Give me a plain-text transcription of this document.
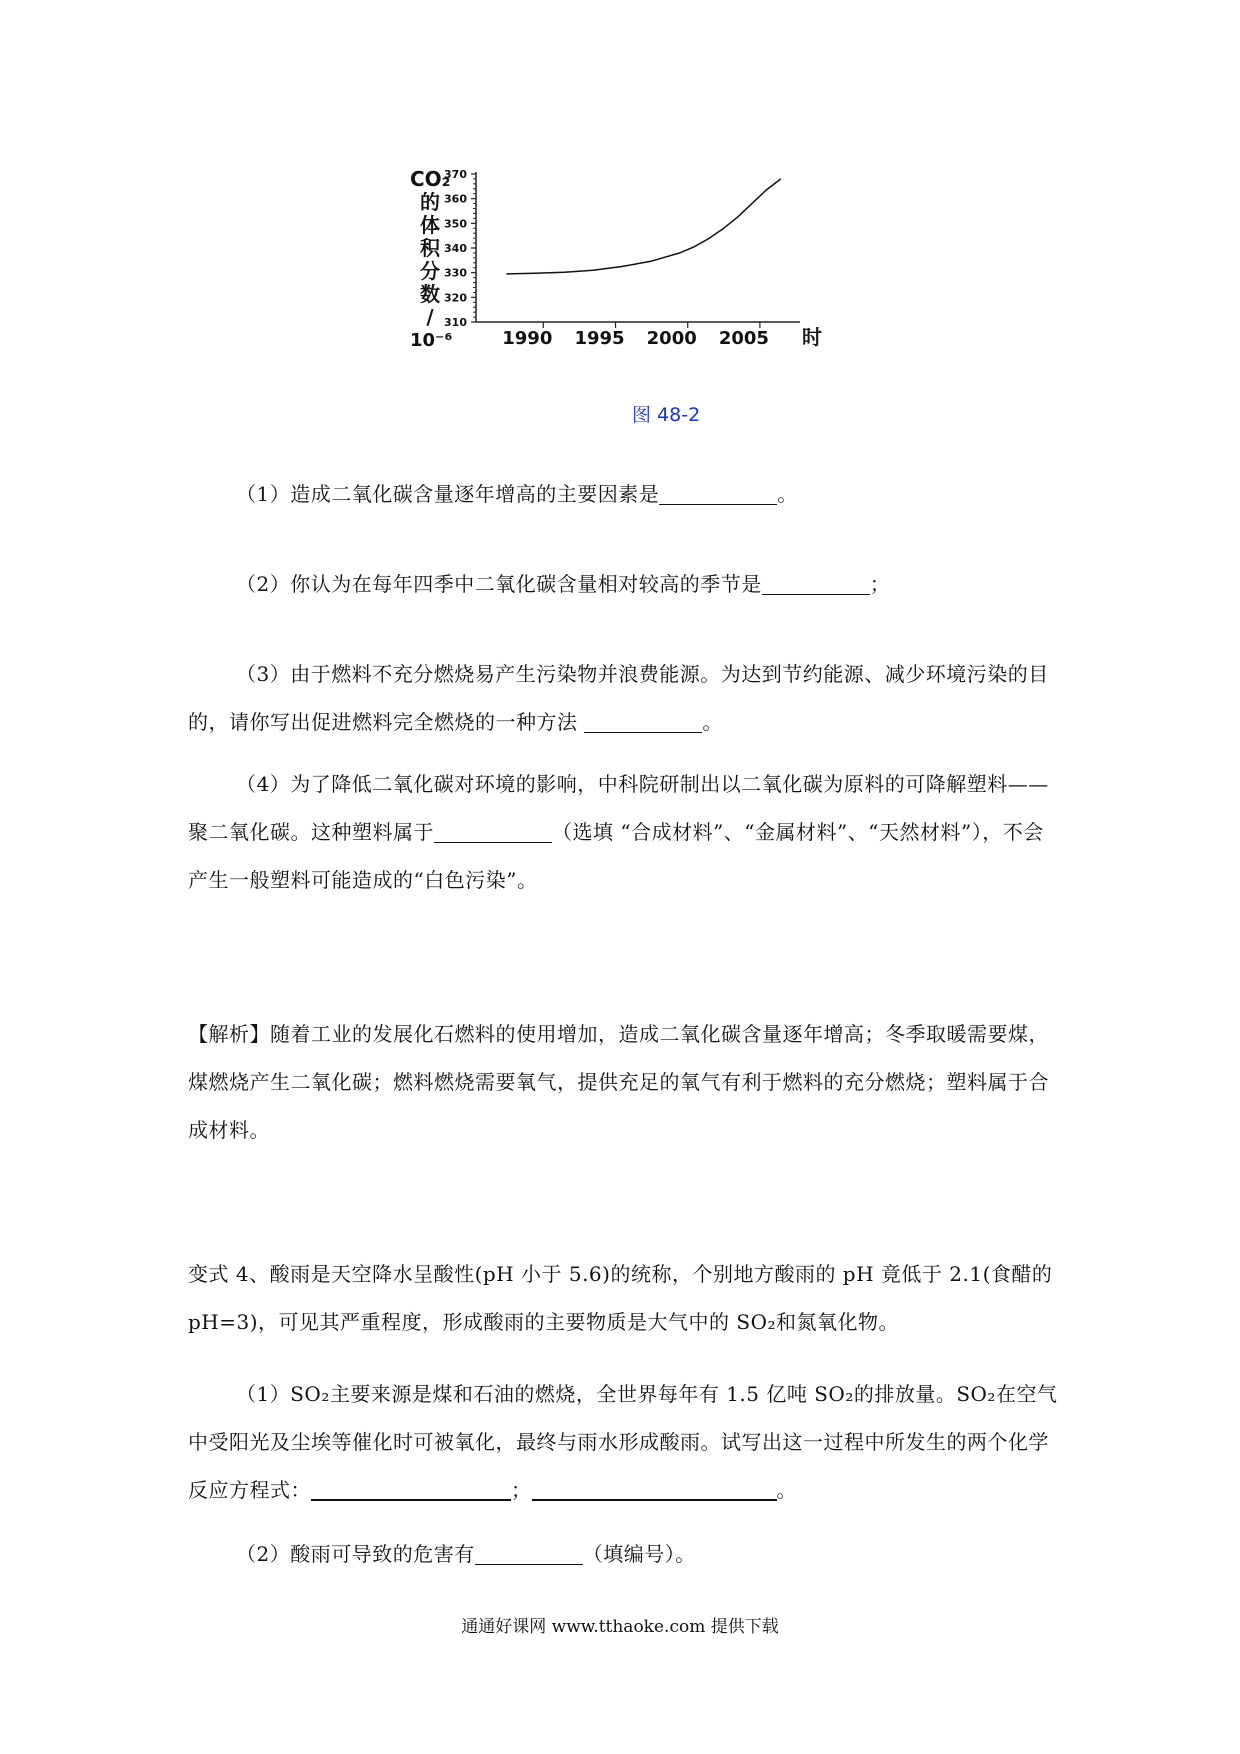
310
320
330
340
350
360
370
1990 1995 2000 2005 时
CO₂
的
体
积
分
数
/
10⁻⁶
图 48-2

（1）造成二氧化碳含量逐年增高的主要因素是	。

（2）你认为在每年四季中二氧化碳含量相对较高的季节是	；

（3）由于燃料不充分燃烧易产生污染物并浪费能源。为达到节约能源、减少环境污染的目的，请你写出促进燃料完全燃烧的一种方法	。

（4）为了降低二氧化碳对环境的影响，中科院研制出以二氧化碳为原料的可降解塑料——聚二氧化碳。这种塑料属于	（选填 “合成材料”、“金属材料”、“天然材料”），不会产生一般塑料可能造成的“白色污染”。

【解析】随着工业的发展化石燃料的使用增加，造成二氧化碳含量逐年增高；冬季取暖需要煤，煤燃烧产生二氧化碳；燃料燃烧需要氧气，提供充足的氧气有利于燃料的充分燃烧；塑料属于合成材料。

变式 4、酸雨是天空降水呈酸性(pH 小于 5.6)的统称，个别地方酸雨的 pH 竟低于 2.1(食醋的 pH=3)，可见其严重程度，形成酸雨的主要物质是大气中的 SO₂和氮氧化物。

（1）SO₂主要来源是煤和石油的燃烧，全世界每年有 1.5 亿吨 SO₂的排放量。SO₂在空气中受阳光及尘埃等催化时可被氧化，最终与雨水形成酸雨。试写出这一过程中所发生的两个化学反应方程式：	；	。

（2）酸雨可导致的危害有	（填编号）。

通通好课网 www.tthaoke.com 提供下载
